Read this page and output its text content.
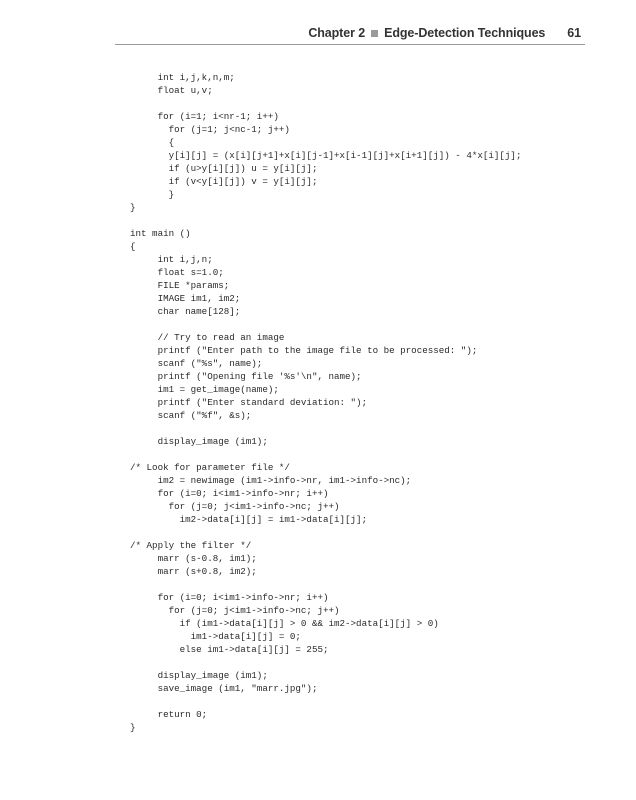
Chapter 2 Edge-Detection Techniques 61
int i,j,k,n,m;
float u,v;
for (i=1; i<nr-1; i++)
for (j=1; j<nc-1; j++)
{
y[i][j] = (x[i][j+1]+x[i][j-1]+x[i-1][j]+x[i+1][j]) - 4*x[i][j];
if (u>y[i][j]) u = y[i][j];
if (v<y[i][j]) v = y[i][j];
}
}
int main ()
{
int i,j,n;
float s=1.0;
FILE *params;
IMAGE im1, im2;
char name[128];
// Try to read an image
printf ("Enter path to the image file to be processed: ");
scanf ("%s", name);
printf ("Opening file '%s'\n", name);
im1 = get_image(name);
printf ("Enter standard deviation: ");
scanf ("%f", &s);
display_image (im1);
/* Look for parameter file */
im2 = newimage (im1->info->nr, im1->info->nc);
for (i=0; i<im1->info->nr; i++)
for (j=0; j<im1->info->nc; j++)
im2->data[i][j] = im1->data[i][j];
/* Apply the filter */
marr (s-0.8, im1);
marr (s+0.8, im2);
for (i=0; i<im1->info->nr; i++)
for (j=0; j<im1->info->nc; j++)
if (im1->data[i][j] > 0 && im2->data[i][j] > 0)
im1->data[i][j] = 0;
else im1->data[i][j] = 255;
display_image (im1);
save_image (im1, "marr.jpg");
return 0;
}
